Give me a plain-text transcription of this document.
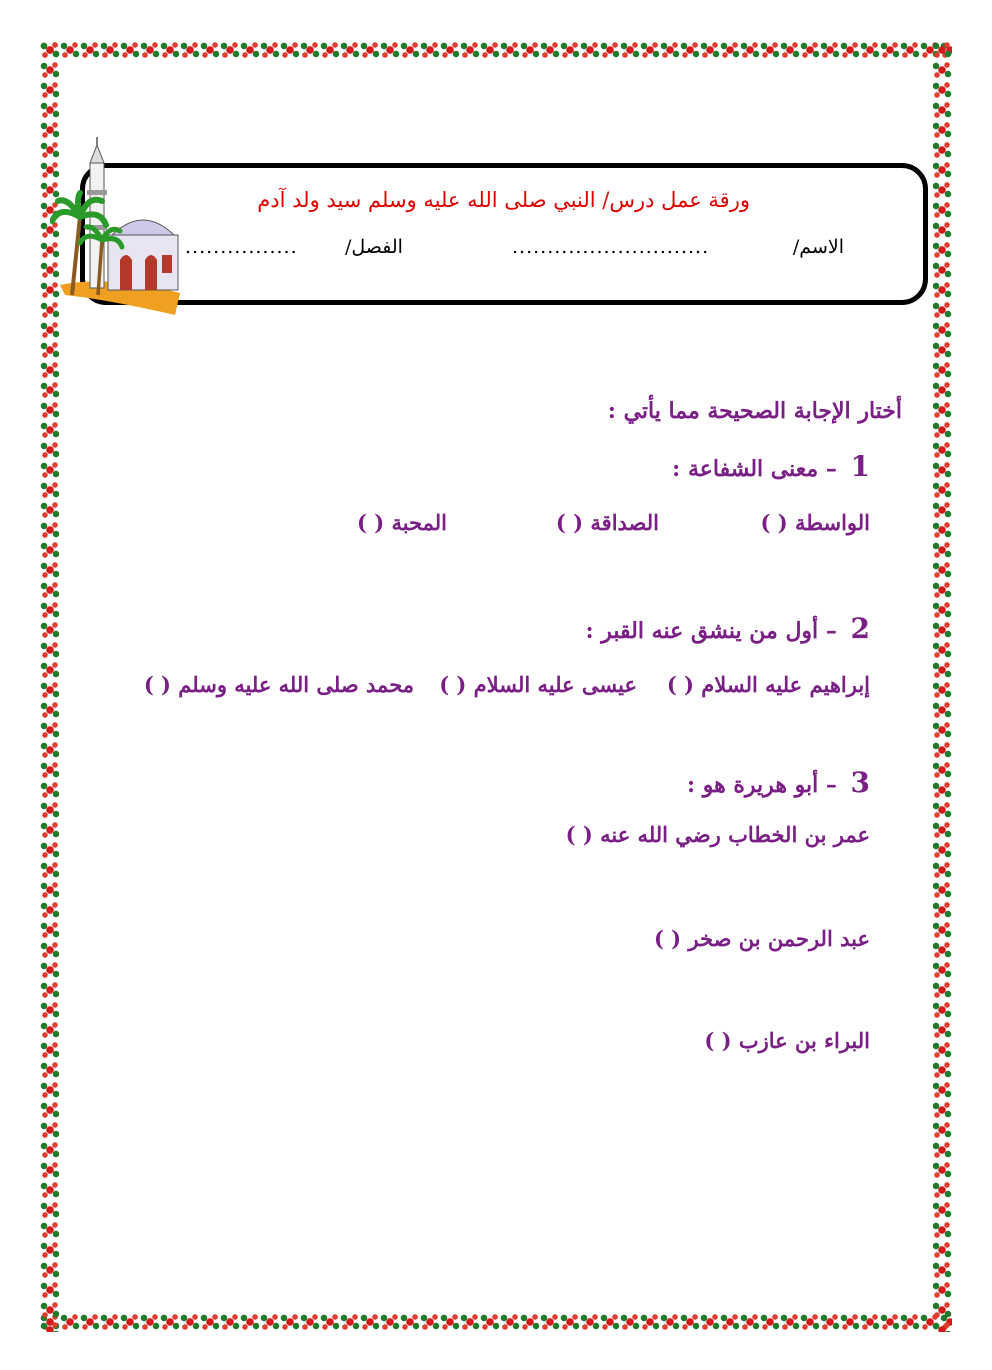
ورقة عمل درس/ النبي صلى الله عليه وسلم سيد ولد آدم
الاسم/
............................
الفصل/
................
أختار الإجابة الصحيحة مما يأتي :
1 – معنى الشفاعة :
الواسطة ( )
الصداقة ( )
المحبة ( )
2 – أول من ينشق عنه القبر :
إبراهيم عليه السلام ( )
عيسى عليه السلام ( )
محمد صلى الله عليه وسلم ( )
3 – أبو هريرة هو :
عمر بن الخطاب رضي الله عنه ( )
عبد الرحمن بن صخر ( )
البراء بن عازب ( )
